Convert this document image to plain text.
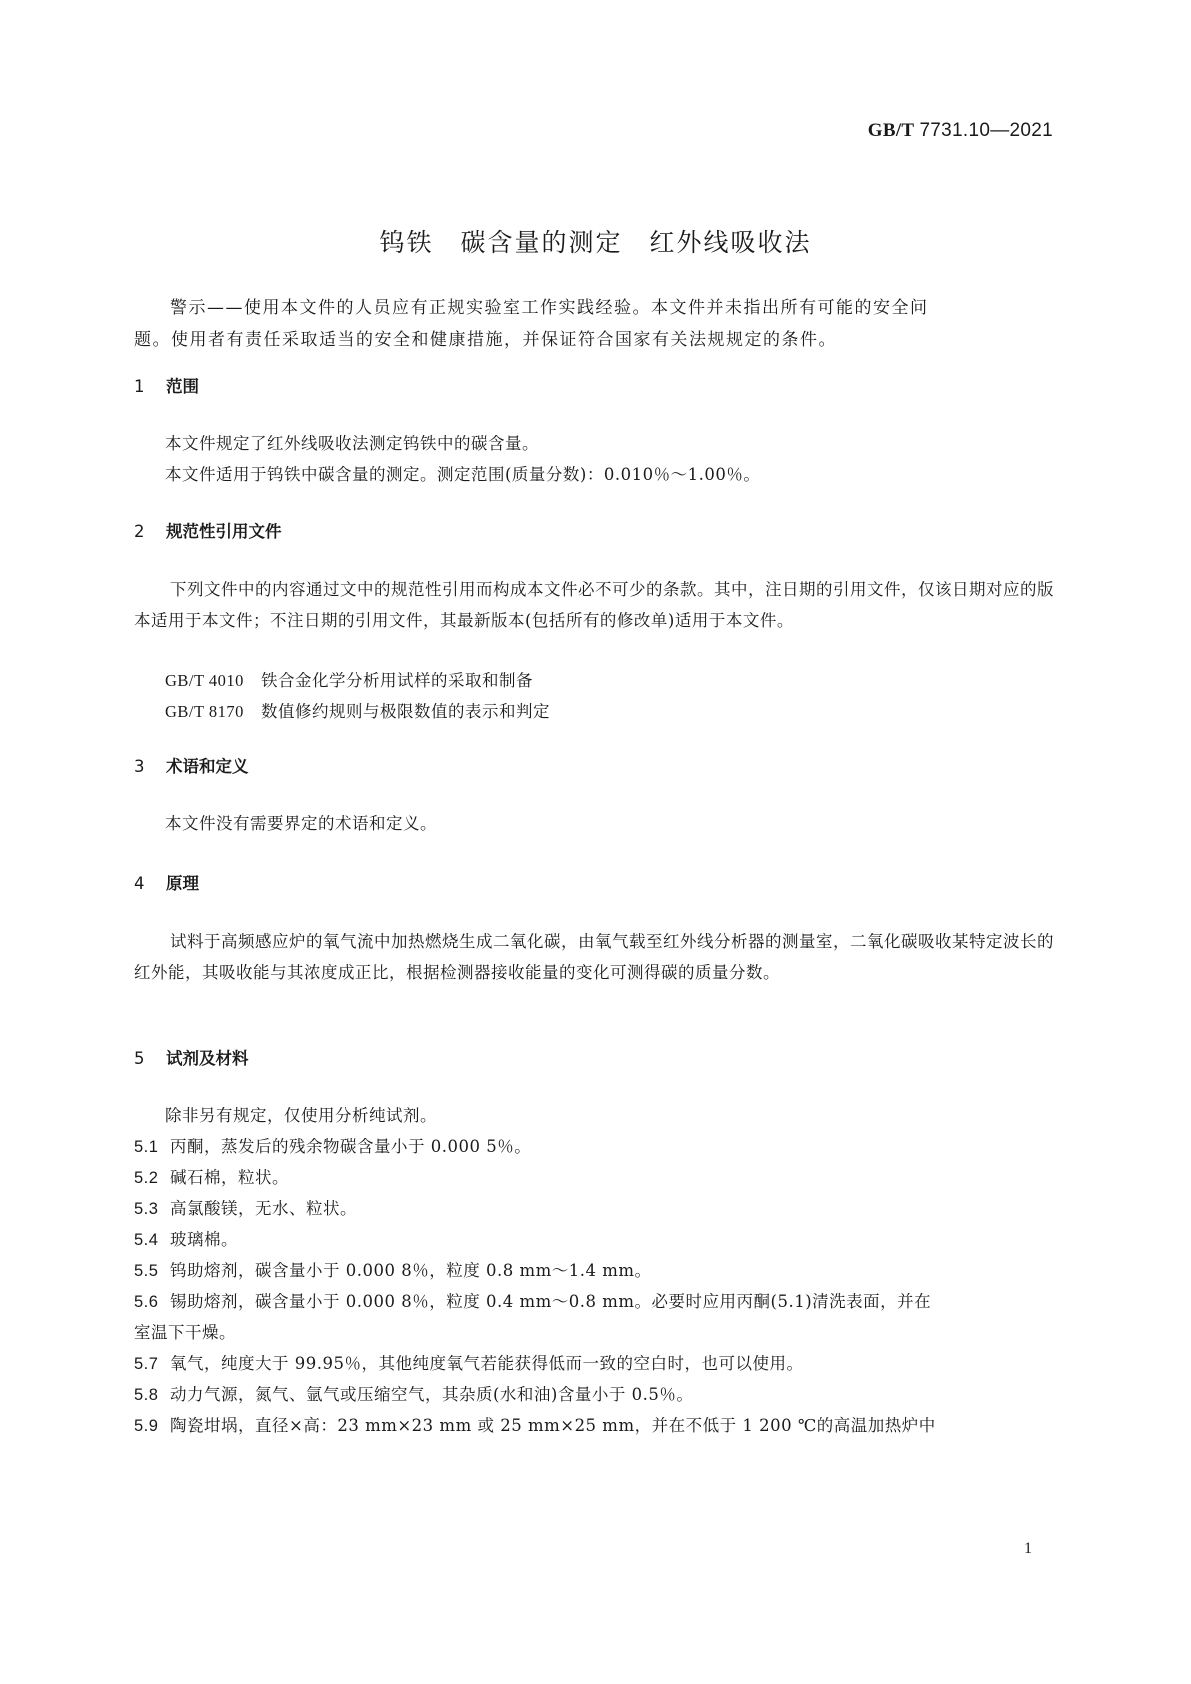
GB/T 7731.10—2021
钨铁　碳含量的测定　红外线吸收法
警示——使用本文件的人员应有正规实验室工作实践经验。本文件并未指出所有可能的安全问
题。使用者有责任采取适当的安全和健康措施，并保证符合国家有关法规规定的条件。
1 范围
本文件规定了红外线吸收法测定钨铁中的碳含量。
本文件适用于钨铁中碳含量的测定。测定范围(质量分数)：0.010％～1.00％。
2 规范性引用文件
下列文件中的内容通过文中的规范性引用而构成本文件必不可少的条款。其中，注日期的引用文件，仅该日期对应的版本适用于本文件；不注日期的引用文件，其最新版本(包括所有的修改单)适用于本文件。
GB/T 4010 铁合金化学分析用试样的采取和制备
GB/T 8170 数值修约规则与极限数值的表示和判定
3 术语和定义
本文件没有需要界定的术语和定义。
4 原理
试料于高频感应炉的氧气流中加热燃烧生成二氧化碳，由氧气载至红外线分析器的测量室，二氧化碳吸收某特定波长的红外能，其吸收能与其浓度成正比，根据检测器接收能量的变化可测得碳的质量分数。
5 试剂及材料
除非另有规定，仅使用分析纯试剂。
5.1 丙酮，蒸发后的残余物碳含量小于 0.000 5％。
5.2 碱石棉，粒状。
5.3 高氯酸镁，无水、粒状。
5.4 玻璃棉。
5.5 钨助熔剂，碳含量小于 0.000 8％，粒度 0.8 mm～1.4 mm。
5.6 锡助熔剂，碳含量小于 0.000 8％，粒度 0.4 mm～0.8 mm。必要时应用丙酮(5.1)清洗表面，并在
室温下干燥。
5.7 氧气，纯度大于 99.95％，其他纯度氧气若能获得低而一致的空白时，也可以使用。
5.8 动力气源，氮气、氩气或压缩空气，其杂质(水和油)含量小于 0.5％。
5.9 陶瓷坩埚，直径×高：23 mm×23 mm 或 25 mm×25 mm，并在不低于 1 200 ℃的高温加热炉中
1
